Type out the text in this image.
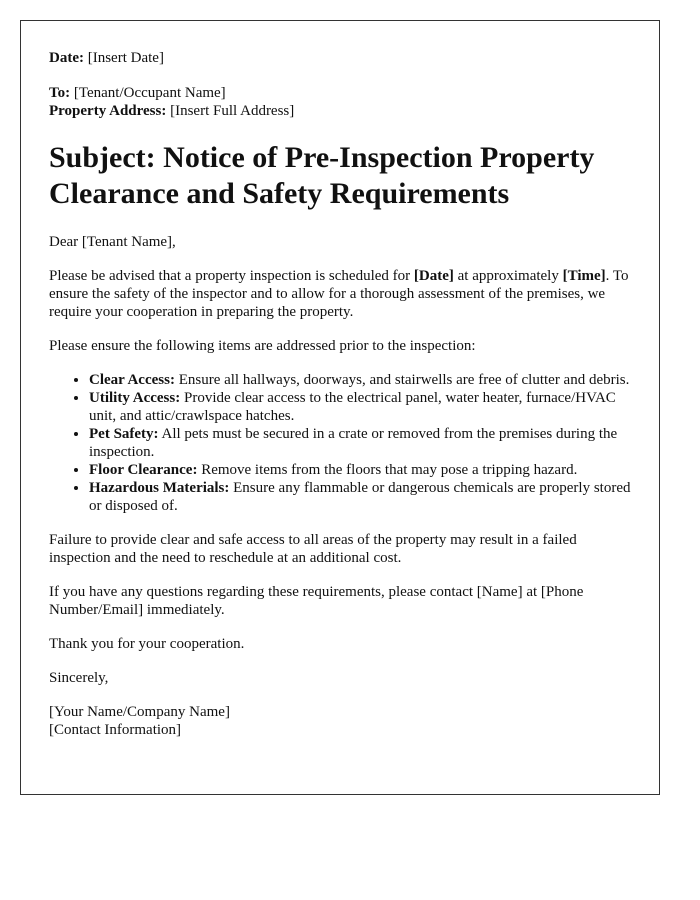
Date: [Insert Date]

To: [Tenant/Occupant Name]

Property Address: [Insert Full Address]

Subject: Notice of Pre-Inspection Property Clearance and Safety Requirements

Dear [Tenant Name],

Please be advised that a property inspection is scheduled for [Date] at approximately [Time]. To ensure the safety of the inspector and to allow for a thorough assessment of the premises, we require your cooperation in preparing the property.

Please ensure the following items are addressed prior to the inspection:

• Clear Access: Ensure all hallways, doorways, and stairwells are free of clutter and debris.
• Utility Access: Provide clear access to the electrical panel, water heater, furnace/HVAC unit, and attic/crawlspace hatches.
• Pet Safety: All pets must be secured in a crate or removed from the premises during the inspection.
• Floor Clearance: Remove items from the floors that may pose a tripping hazard.
• Hazardous Materials: Ensure any flammable or dangerous chemicals are properly stored or disposed of.

Failure to provide clear and safe access to all areas of the property may result in a failed inspection and the need to reschedule at an additional cost.

If you have any questions regarding these requirements, please contact [Name] at [Phone Number/Email] immediately.

Thank you for your cooperation.

Sincerely,

[Your Name/Company Name]

[Contact Information]
